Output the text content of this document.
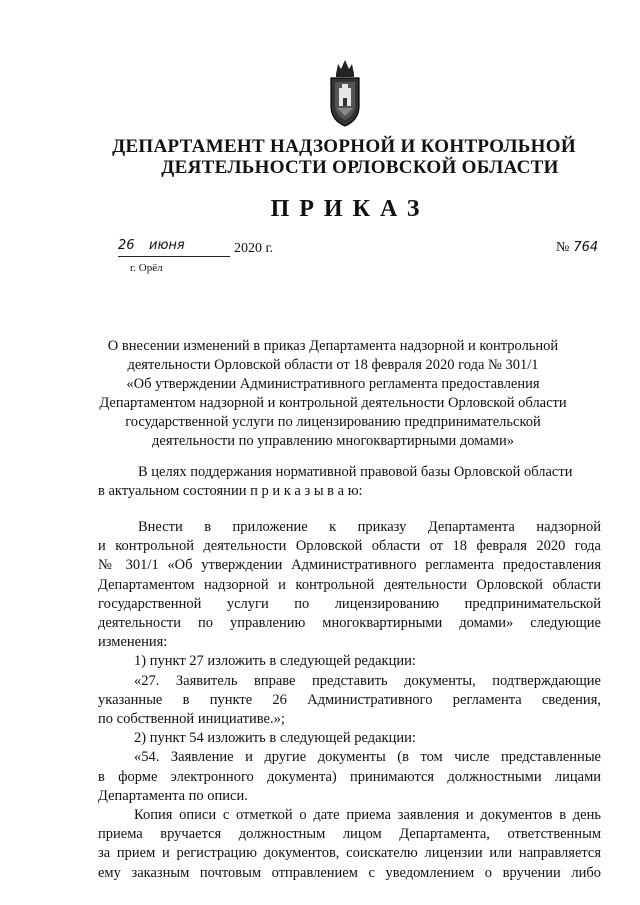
ДЕПАРТАМЕНТ НАДЗОРНОЙ И КОНТРОЛЬНОЙ
ДЕЯТЕЛЬНОСТИ ОРЛОВСКОЙ ОБЛАСТИ
ПРИКАЗ
26 июня	2020 г.
г. Орёл
№ 764
О внесении изменений в приказ Департамента надзорной и контрольной
деятельности Орловской области от 18 февраля 2020 года № 301/1
«Об утверждении Административного регламента предоставления
Департаментом надзорной и контрольной деятельности Орловской области
государственной услуги по лицензированию предпринимательской
деятельности по управлению многоквартирными домами»
В целях поддержания нормативной правовой базы Орловской области
в актуальном состоянии п р и к а з ы в а ю:
Внести в приложение к приказу Департамента надзорной
и контрольной деятельности Орловской области от 18 февраля 2020 года
№ 301/1 «Об утверждении Административного регламента предоставления
Департаментом надзорной и контрольной деятельности Орловской области
государственной услуги по лицензированию предпринимательской
деятельности по управлению многоквартирными домами» следующие
изменения:
1) пункт 27 изложить в следующей редакции:
«27. Заявитель вправе представить документы, подтверждающие
указанные в пункте 26 Административного регламента сведения,
по собственной инициативе.»;
2) пункт 54 изложить в следующей редакции:
«54. Заявление и другие документы (в том числе представленные
в форме электронного документа) принимаются должностными лицами
Департамента по описи.
Копия описи с отметкой о дате приема заявления и документов в день
приема вручается должностным лицом Департамента, ответственным
за прием и регистрацию документов, соискателю лицензии или направляется
ему заказным почтовым отправлением с уведомлением о вручении либо
